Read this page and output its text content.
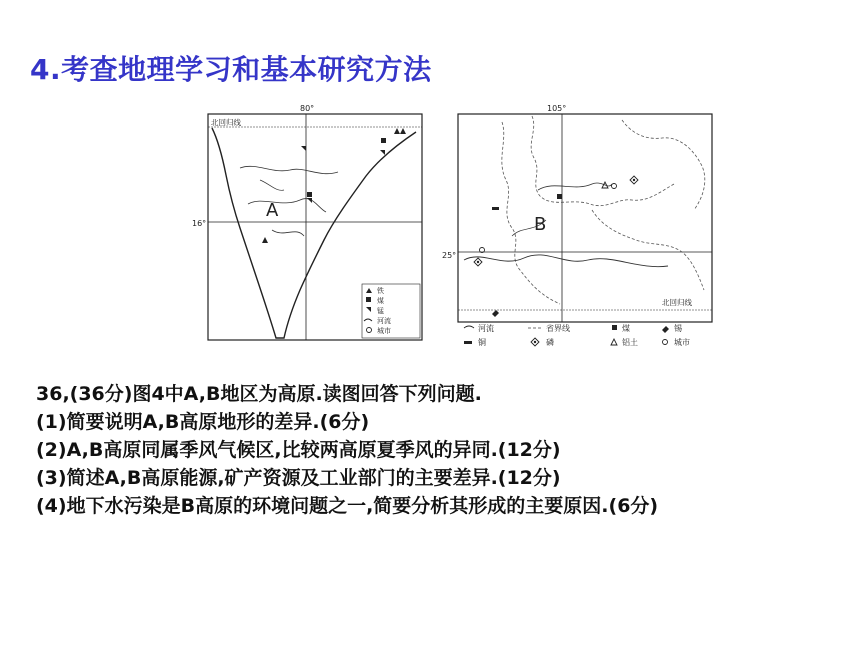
4.考查地理学习和基本研究方法
80°
16°
北回归线
A
铁
煤
锰
河流
城市
105°
25°
北回归线
B
河流	省界线	煤	锡
铜	磷	铝土	城市
36,(36分)图4中A,B地区为高原.读图回答下列问题.
(1)简要说明A,B高原地形的差异.(6分)
(2)A,B高原同属季风气候区,比较两高原夏季风的异同.(12分)
(3)简述A,B高原能源,矿产资源及工业部门的主要差异.(12分)
(4)地下水污染是B高原的环境问题之一,简要分析其形成的主要原因.(6分)
